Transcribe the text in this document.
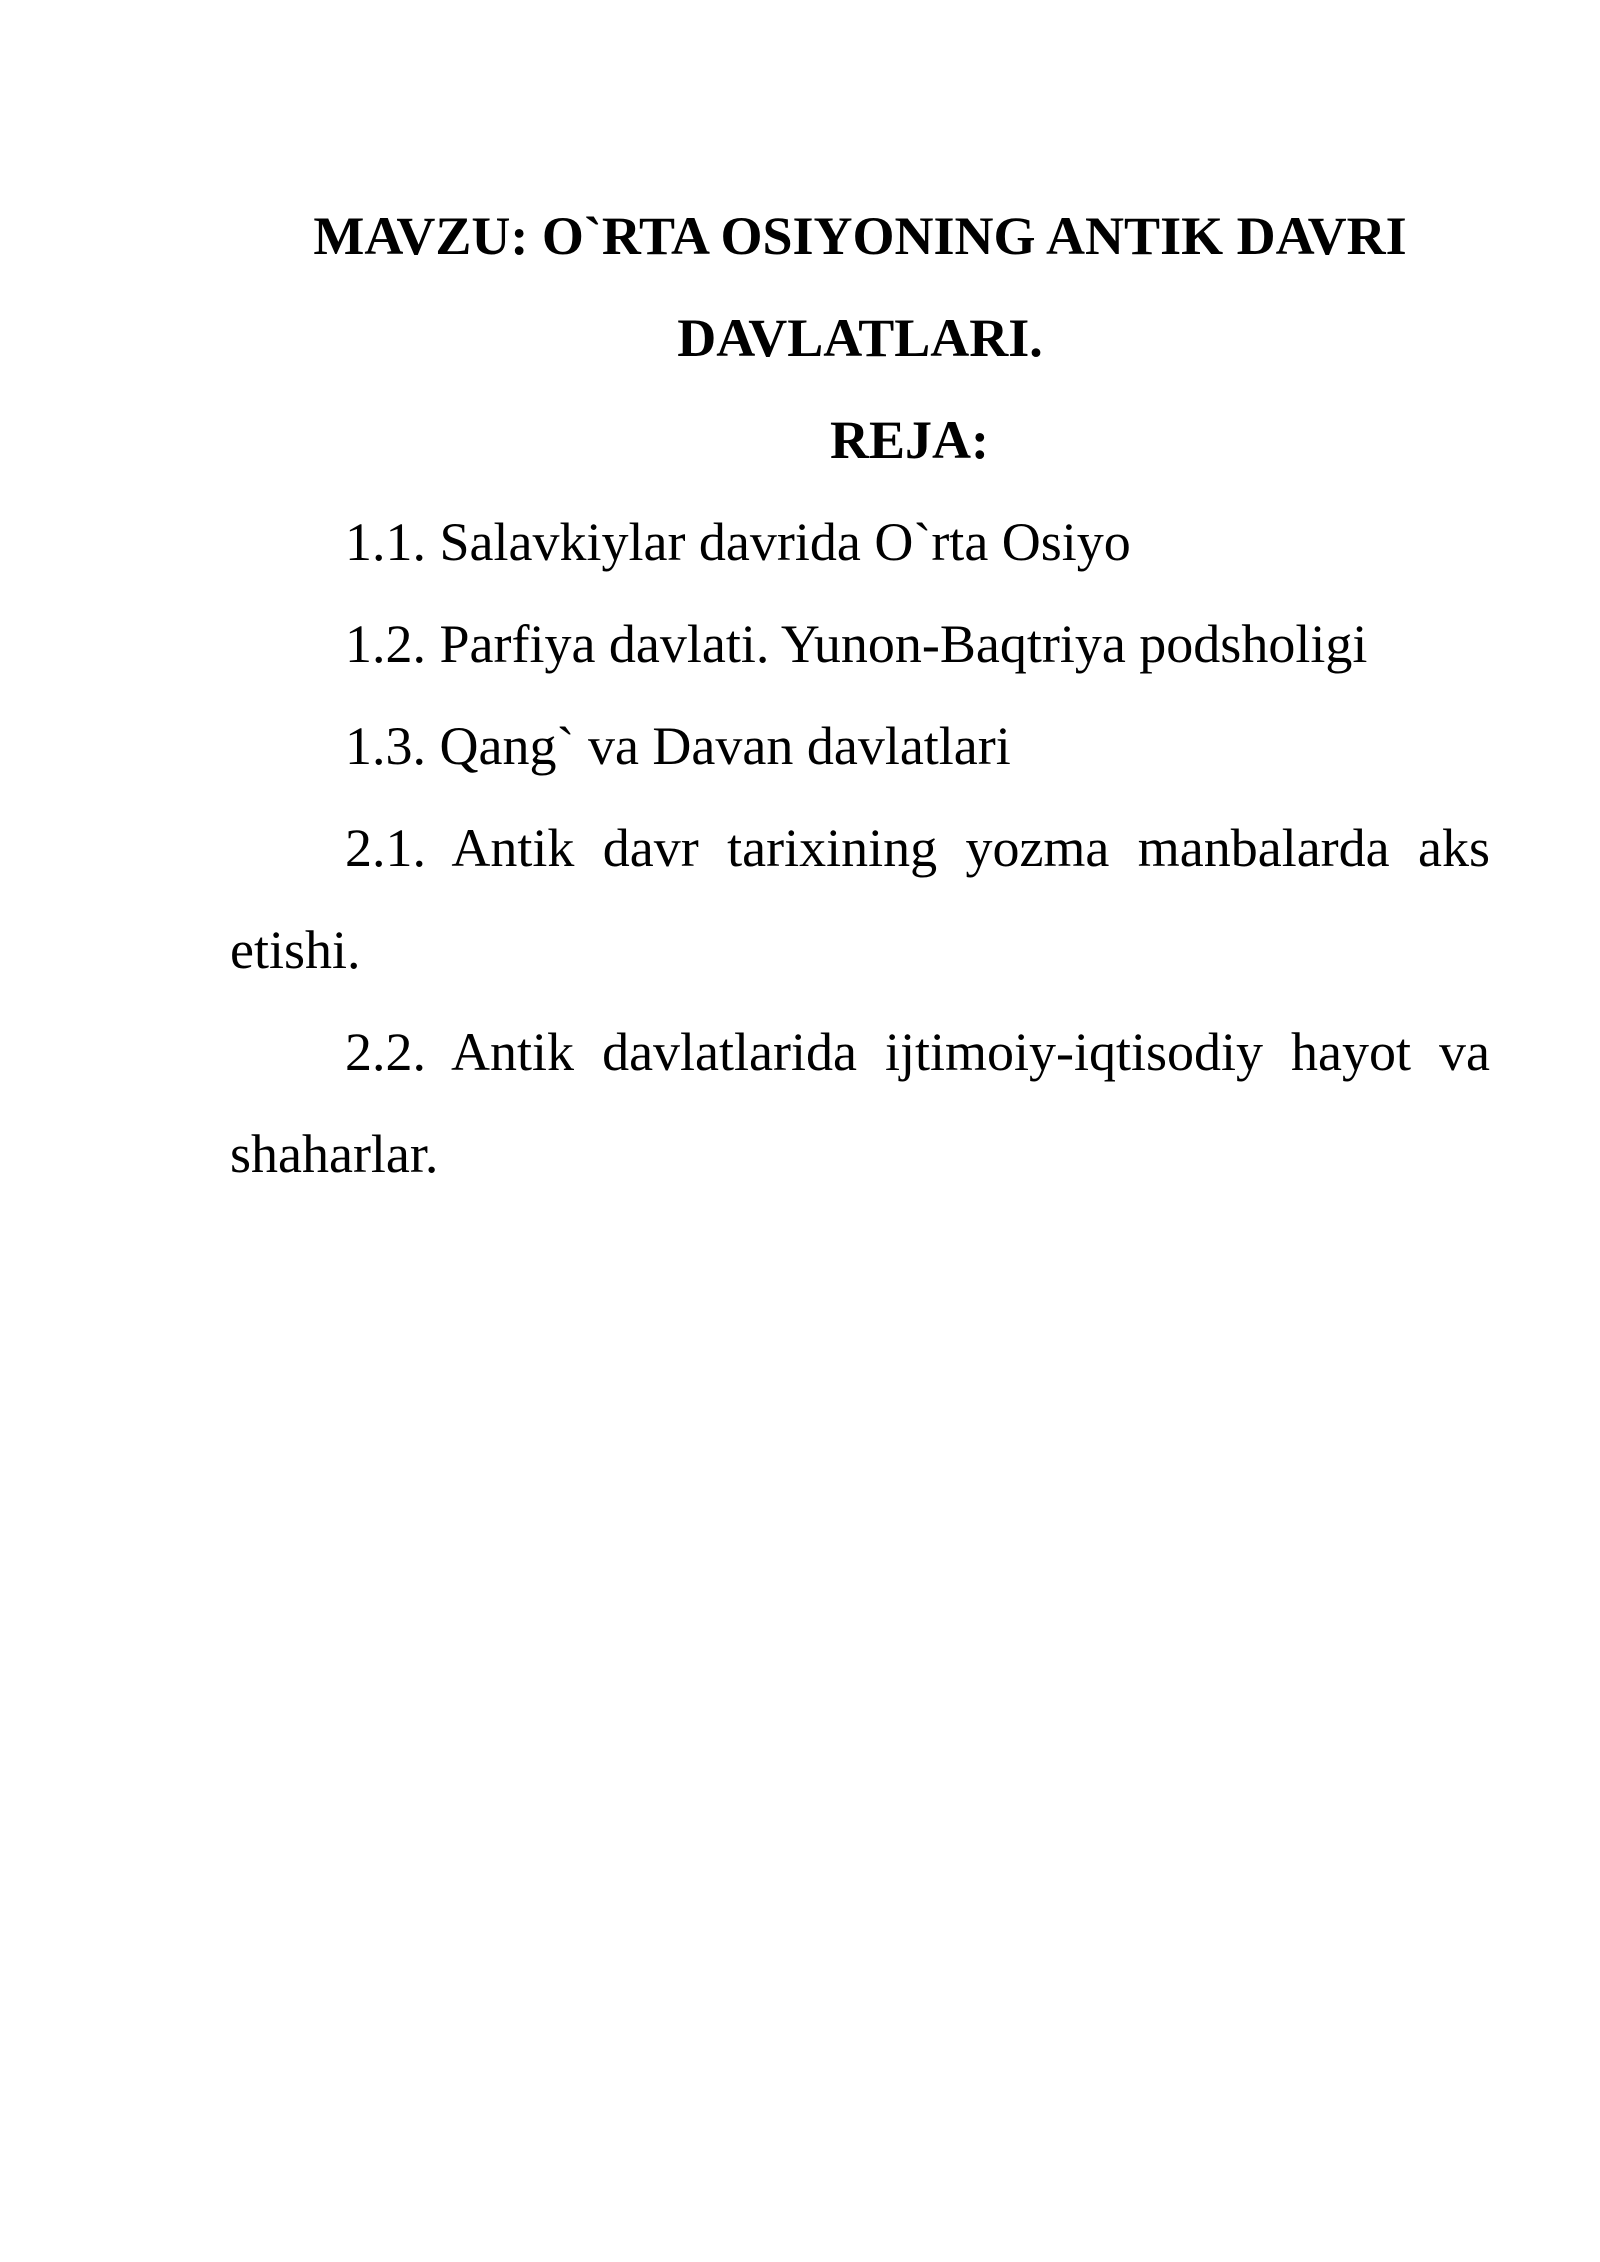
MAVZU: O`RTA OSIYONING ANTIK DAVRI
DAVLATLARI.
REJA:
1.1. Salavkiylar davrida O`rta Osiyo
1.2. Parfiya davlati. Yunon-Baqtriya podsholigi
1.3. Qang` va Davan davlatlari
2.1. Antik davr tarixining yozma manbalarda aks etishi.
2.2. Antik davlatlarida ijtimoiy-iqtisodiy hayot va shaharlar.
